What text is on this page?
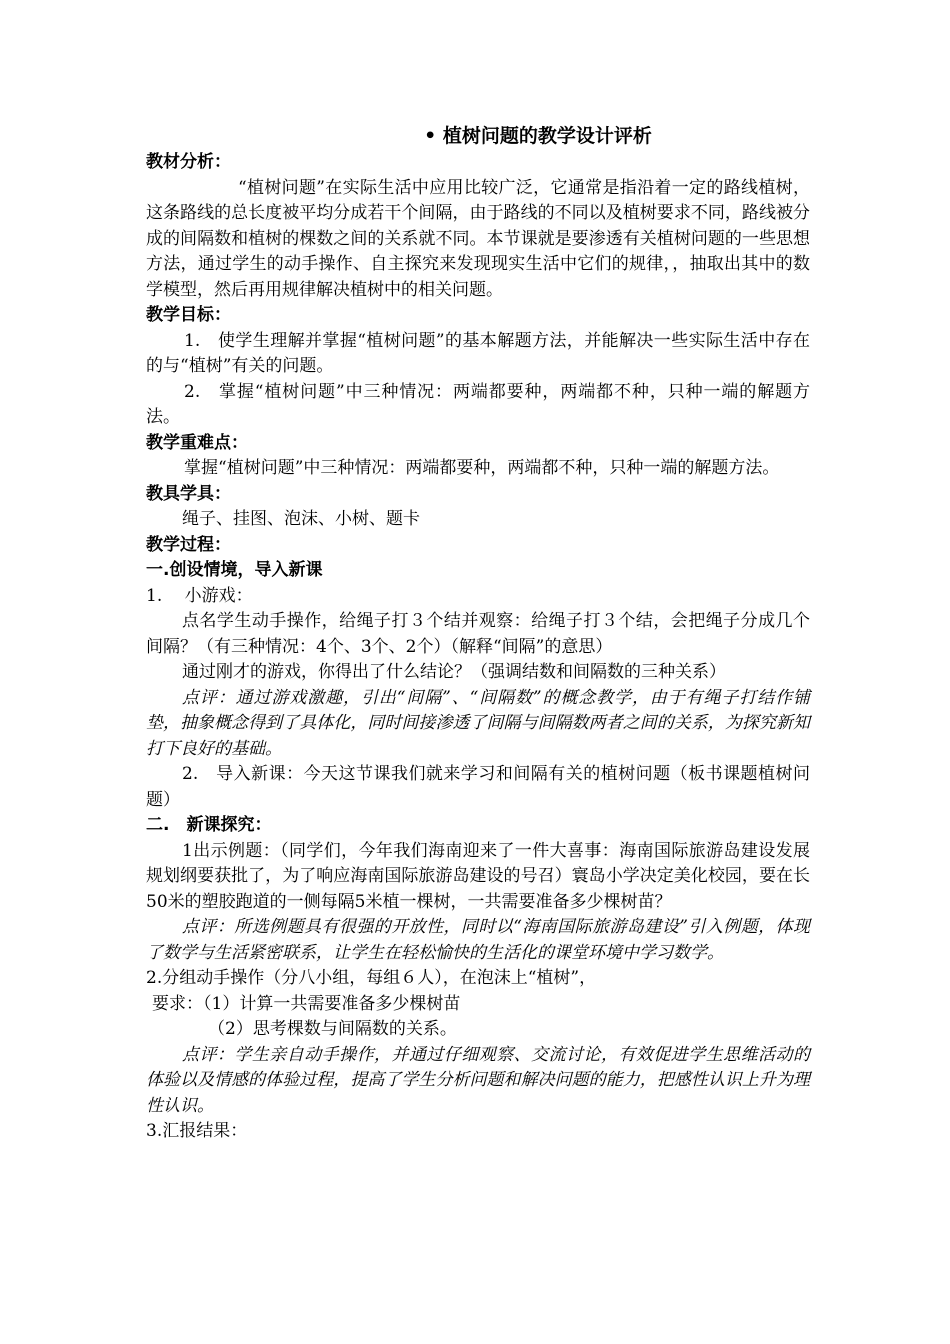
• 植树问题的教学设计评析

教材分析：

“植树问题”在实际生活中应用比较广泛，它通常是指沿着一定的路线植树，这条路线的总长度被平均分成若干个间隔，由于路线的不同以及植树要求不同，路线被分成的间隔数和植树的棵数之间的关系就不同。本节课就是要渗透有关植树问题的一些思想方法，通过学生的动手操作、自主探究来发现现实生活中它们的规律，，抽取出其中的数学模型，然后再用规律解决植树中的相关问题。

教学目标：

1.　使学生理解并掌握“植树问题”的基本解题方法，并能解决一些实际生活中存在的与“植树”有关的问题。

2.　掌握“植树问题”中三种情况：两端都要种，两端都不种，只种一端的解题方法。

教学重难点：

掌握“植树问题”中三种情况：两端都要种，两端都不种，只种一端的解题方法。

教具学具：

绳子、挂图、泡沫、小树、题卡

教学过程：

一.创设情境，导入新课

1.　 小游戏：

点名学生动手操作，给绳子打３个结并观察：给绳子打３个结，会把绳子分成几个间隔？（有三种情况：4个、3个、2个）（解释“间隔”的意思）

通过刚才的游戏，你得出了什么结论？（强调结数和间隔数的三种关系）

点评：通过游戏激趣，引出“间隔”、“间隔数”的概念教学，由于有绳子打结作铺垫，抽象概念得到了具体化，同时间接渗透了间隔与间隔数两者之间的关系，为探究新知打下良好的基础。

2.　导入新课：今天这节课我们就来学习和间隔有关的植树问题（板书课题植树问题）

二.　新课探究：

1出示例题：（同学们，今年我们海南迎来了一件大喜事：海南国际旅游岛建设发展规划纲要获批了，为了响应海南国际旅游岛建设的号召）寰岛小学决定美化校园，要在长50米的塑胶跑道的一侧每隔5米植一棵树，一共需要准备多少棵树苗？

点评：所选例题具有很强的开放性，同时以“海南国际旅游岛建设”引入例题，体现了数学与生活紧密联系，让学生在轻松愉快的生活化的课堂环境中学习数学。

2.分组动手操作（分八小组，每组６人），在泡沫上“植树”，

要求：（1）计算一共需要准备多少棵树苗

（2）思考棵数与间隔数的关系。

点评：学生亲自动手操作，并通过仔细观察、交流讨论，有效促进学生思维活动的体验以及情感的体验过程，提高了学生分析问题和解决问题的能力，把感性认识上升为理性认识。

3.汇报结果：
